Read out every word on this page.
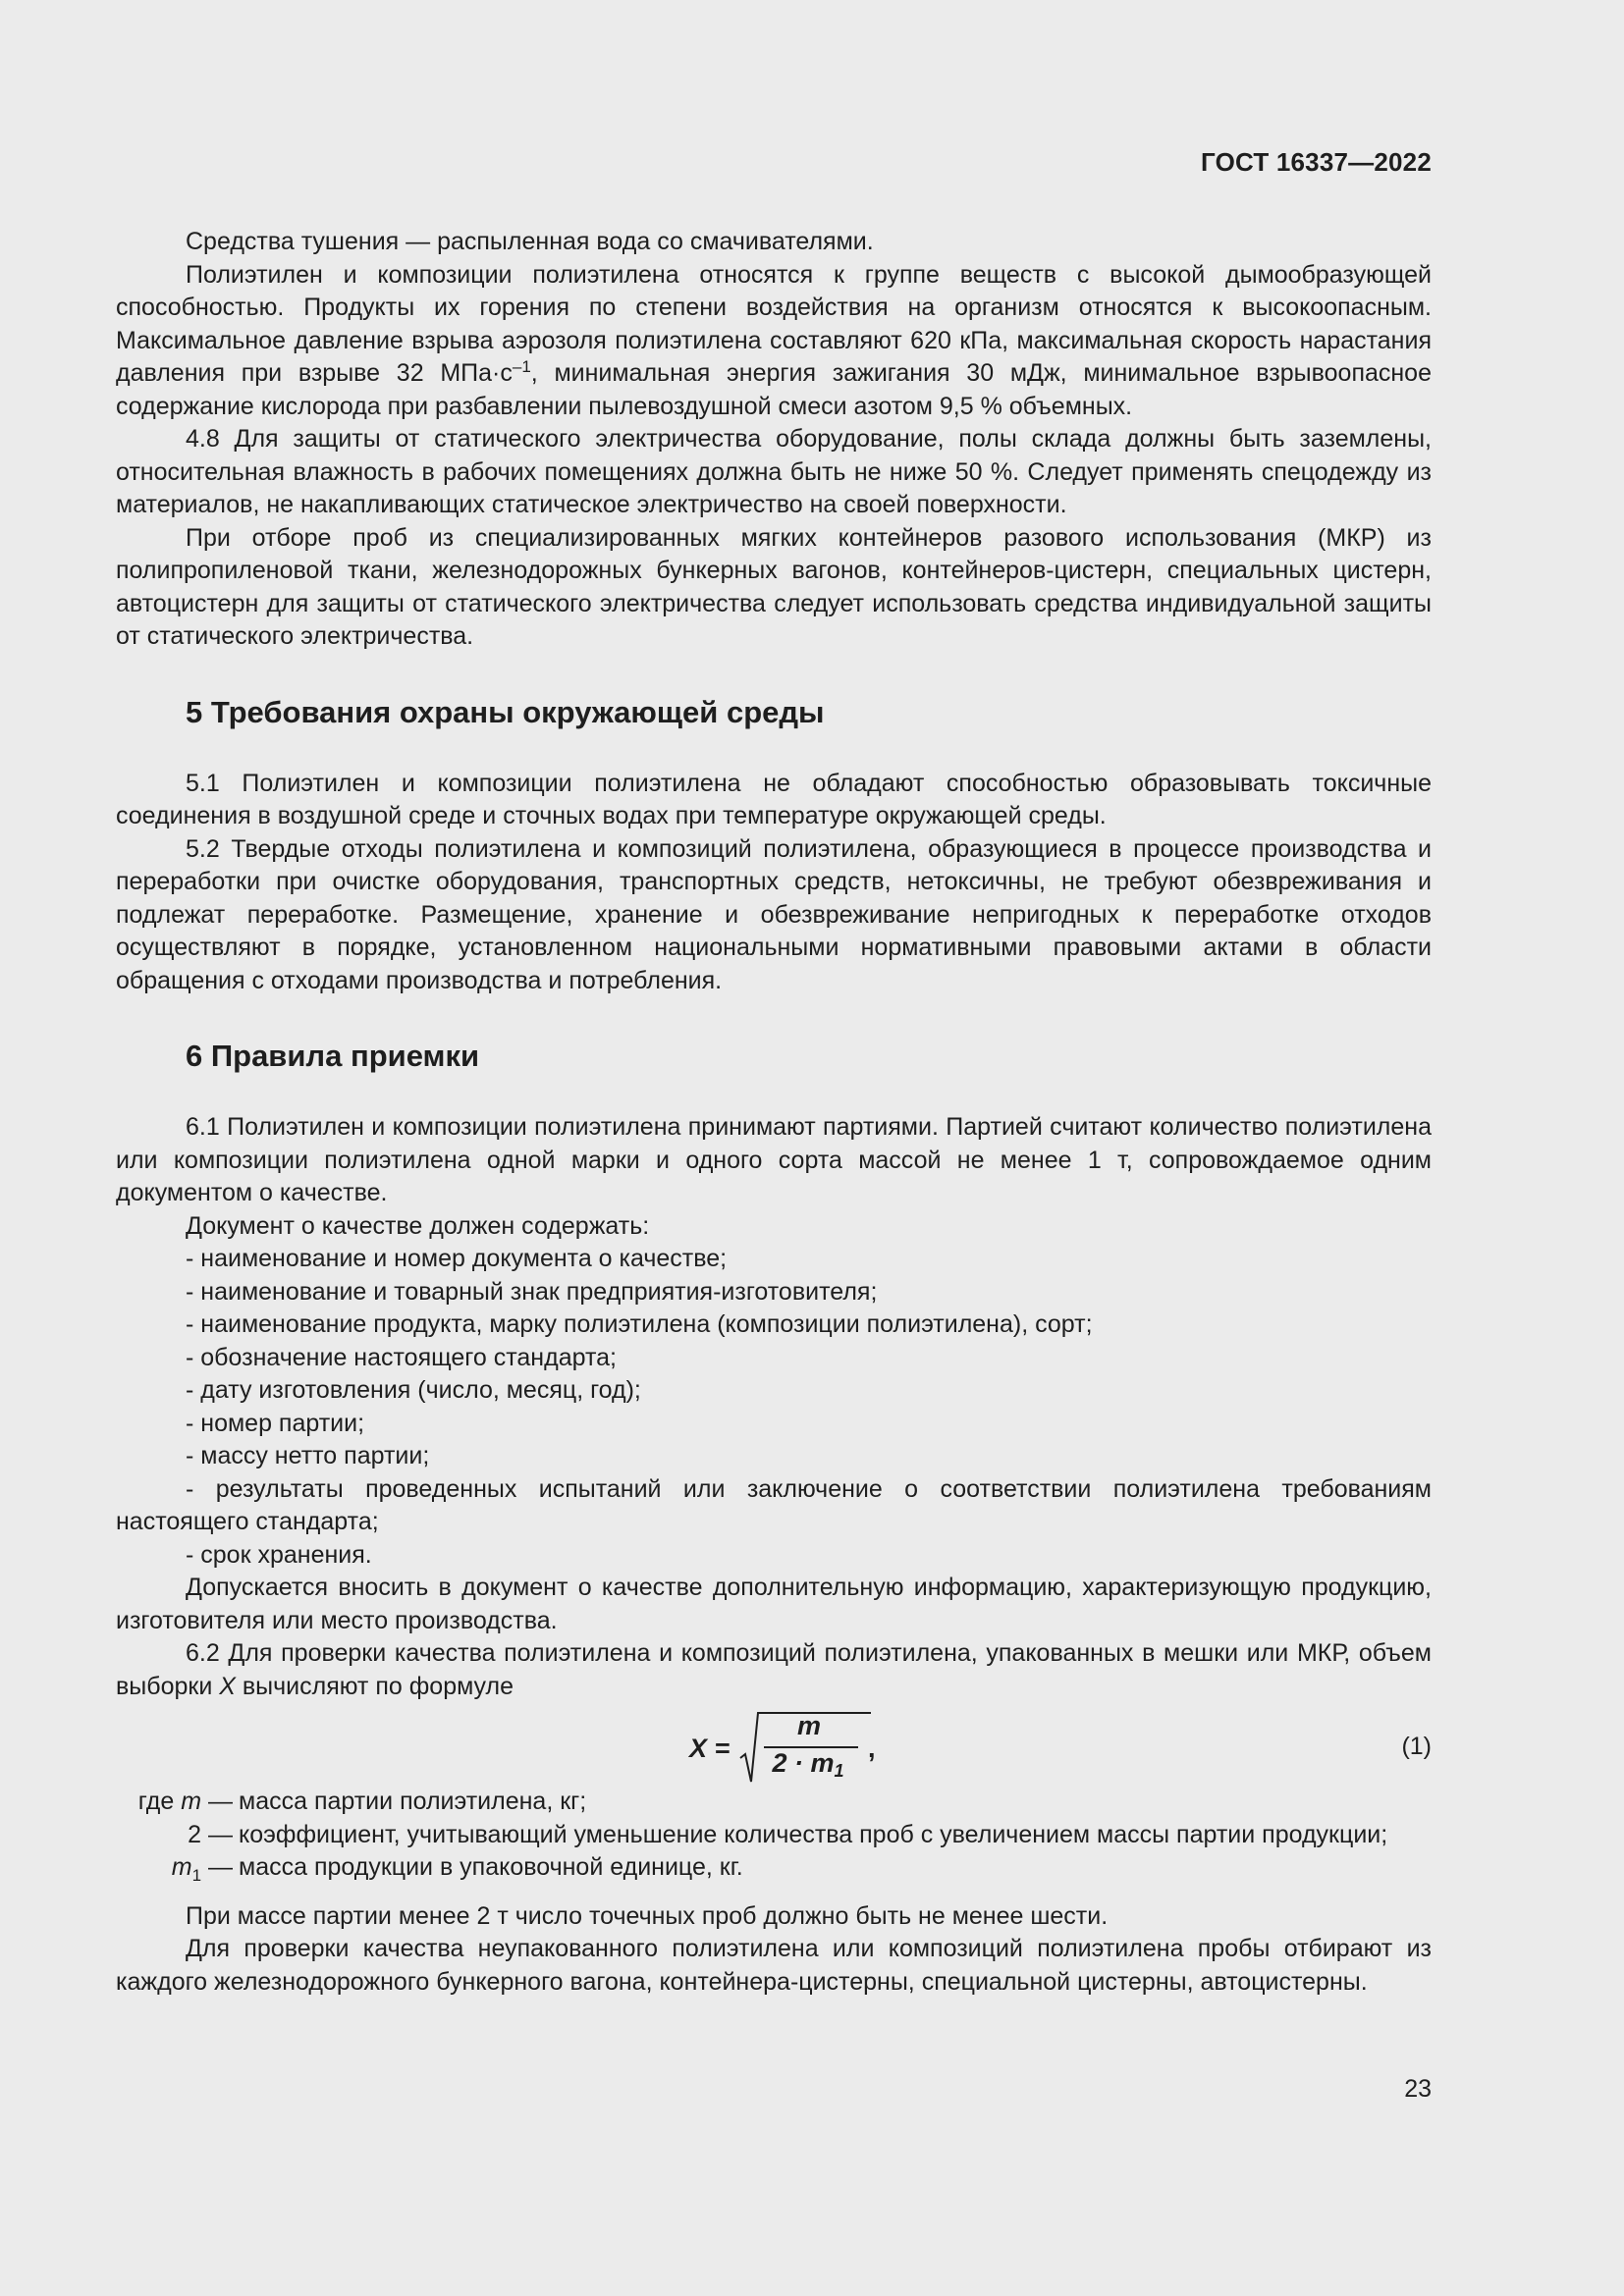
ГОСТ 16337—2022

Средства тушения — распыленная вода со смачивателями.

Полиэтилен и композиции полиэтилена относятся к группе веществ с высокой дымообразующей способностью. Продукты их горения по степени воздействия на организм относятся к высокоопасным. Максимальное давление взрыва аэрозоля полиэтилена составляют 620 кПа, максимальная скорость нарастания давления при взрыве 32 $МПа\cdot с^{-1}$, минимальная энергия зажигания 30 мДж, минимальное взрывоопасное содержание кислорода при разбавлении пылевоздушной смеси азотом 9,5 % объемных.

4.8 Для защиты от статического электричества оборудование, полы склада должны быть заземлены, относительная влажность в рабочих помещениях должна быть не ниже 50 %. Следует применять спецодежду из материалов, не накапливающих статическое электричество на своей поверхности.

При отборе проб из специализированных мягких контейнеров разового использования (МКР) из полипропиленовой ткани, железнодорожных бункерных вагонов, контейнеров-цистерн, специальных цистерн, автоцистерн для защиты от статического электричества следует использовать средства индивидуальной защиты от статического электричества.

5 Требования охраны окружающей среды

5.1 Полиэтилен и композиции полиэтилена не обладают способностью образовывать токсичные соединения в воздушной среде и сточных водах при температуре окружающей среды.

5.2 Твердые отходы полиэтилена и композиций полиэтилена, образующиеся в процессе производства и переработки при очистке оборудования, транспортных средств, нетоксичны, не требуют обезвреживания и подлежат переработке. Размещение, хранение и обезвреживание непригодных к переработке отходов осуществляют в порядке, установленном национальными нормативными правовыми актами в области обращения с отходами производства и потребления.

6 Правила приемки

6.1 Полиэтилен и композиции полиэтилена принимают партиями. Партией считают количество полиэтилена или композиции полиэтилена одной марки и одного сорта массой не менее 1 т, сопровождаемое одним документом о качестве.

Документ о качестве должен содержать:

- наименование и номер документа о качестве;

- наименование и товарный знак предприятия-изготовителя;

- наименование продукта, марку полиэтилена (композиции полиэтилена), сорт;

- обозначение настоящего стандарта;

- дату изготовления (число, месяц, год);

- номер партии;

- массу нетто партии;

- результаты проведенных испытаний или заключение о соответствии полиэтилена требованиям настоящего стандарта;

- срок хранения.

Допускается вносить в документ о качестве дополнительную информацию, характеризующую продукцию, изготовителя или место производства.

6.2 Для проверки качества полиэтилена и композиций полиэтилена, упакованных в мешки или МКР, объем выборки X вычисляют по формуле

X =
m
$2 \cdot m_1$
,	(1)
где m — масса партии полиэтилена, кг;
2 — коэффициент, учитывающий уменьшение количества проб с увеличением массы партии продукции;
$m_1$ — масса продукции в упаковочной единице, кг.

При массе партии менее 2 т число точечных проб должно быть не менее шести.

Для проверки качества неупакованного полиэтилена или композиций полиэтилена пробы отбирают из каждого железнодорожного бункерного вагона, контейнера-цистерны, специальной цистерны, автоцистерны.

23
